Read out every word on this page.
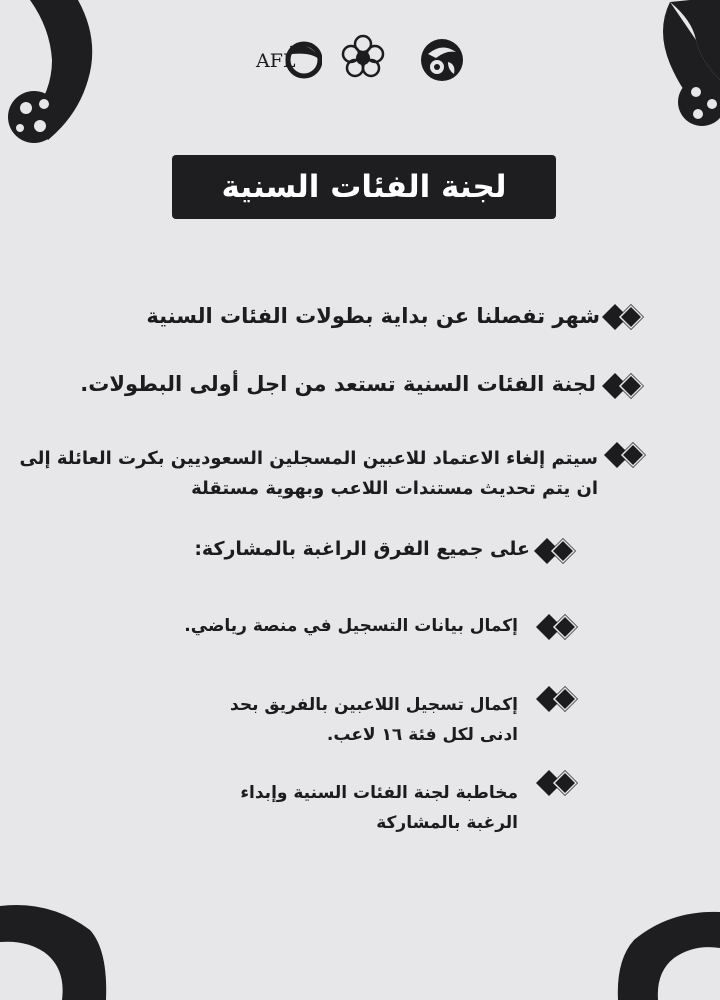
AFL
لجنة الفئات السنية
شهر تفصلنا عن بداية بطولات الفئات السنية
لجنة الفئات السنية تستعد من اجل أولى البطولات.
سيتم إلغاء الاعتماد للاعبين المسجلين السعوديين بكرت العائلة إلى ان يتم تحديث مستندات اللاعب وبهوية مستقلة
على جميع الفرق الراغبة بالمشاركة:
إكمال بيانات التسجيل في منصة رياضي.
إكمال تسجيل اللاعبين بالفريق بحد ادنى لكل فئة ١٦ لاعب.
مخاطبة لجنة الفئات السنية وإبداء الرغبة بالمشاركة
